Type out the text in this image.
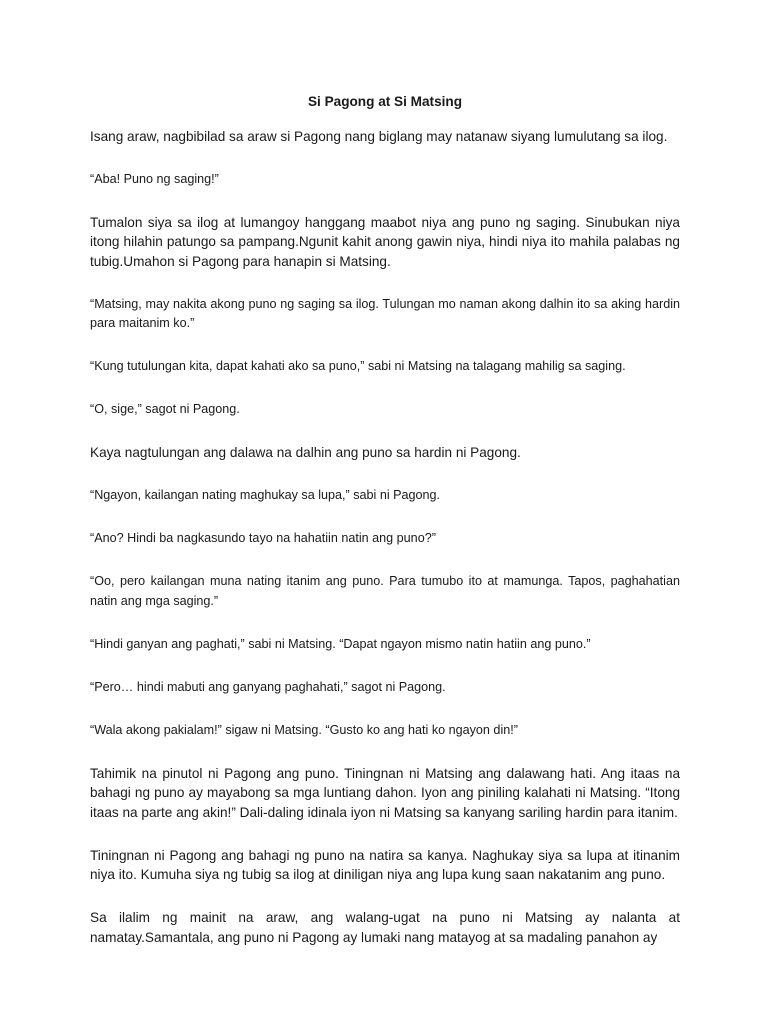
Si Pagong at Si Matsing

Isang araw, nagbibilad sa araw si Pagong nang biglang may natanaw siyang lumulutang sa ilog.

“Aba! Puno ng saging!”

Tumalon siya sa ilog at lumangoy hanggang maabot niya ang puno ng saging. Sinubukan niya itong hilahin patungo sa pampang.Ngunit kahit anong gawin niya, hindi niya ito mahila palabas ng tubig.Umahon si Pagong para hanapin si Matsing.

“Matsing, may nakita akong puno ng saging sa ilog. Tulungan mo naman akong dalhin ito sa aking hardin para maitanim ko.”

“Kung tutulungan kita, dapat kahati ako sa puno,” sabi ni Matsing na talagang mahilig sa saging.

“O, sige,” sagot ni Pagong.

Kaya nagtulungan ang dalawa na dalhin ang puno sa hardin ni Pagong.

“Ngayon, kailangan nating maghukay sa lupa,” sabi ni Pagong.

“Ano? Hindi ba nagkasundo tayo na hahatiin natin ang puno?”

“Oo, pero kailangan muna nating itanim ang puno. Para tumubo ito at mamunga. Tapos, paghahatian natin ang mga saging.”

“Hindi ganyan ang paghati,” sabi ni Matsing. “Dapat ngayon mismo natin hatiin ang puno.”

“Pero… hindi mabuti ang ganyang paghahati,” sagot ni Pagong.

“Wala akong pakialam!” sigaw ni Matsing. “Gusto ko ang hati ko ngayon din!”

Tahimik na pinutol ni Pagong ang puno. Tiningnan ni Matsing ang dalawang hati. Ang itaas na bahagi ng puno ay mayabong sa mga luntiang dahon. Iyon ang piniling kalahati ni Matsing. “Itong itaas na parte ang akin!” Dali-daling idinala iyon ni Matsing sa kanyang sariling hardin para itanim.

Tiningnan ni Pagong ang bahagi ng puno na natira sa kanya. Naghukay siya sa lupa at itinanim niya ito. Kumuha siya ng tubig sa ilog at diniligan niya ang lupa kung saan nakatanim ang puno.

Sa ilalim ng mainit na araw, ang walang-ugat na puno ni Matsing ay nalanta at namatay.Samantala, ang puno ni Pagong ay lumaki nang matayog at sa madaling panahon ay
